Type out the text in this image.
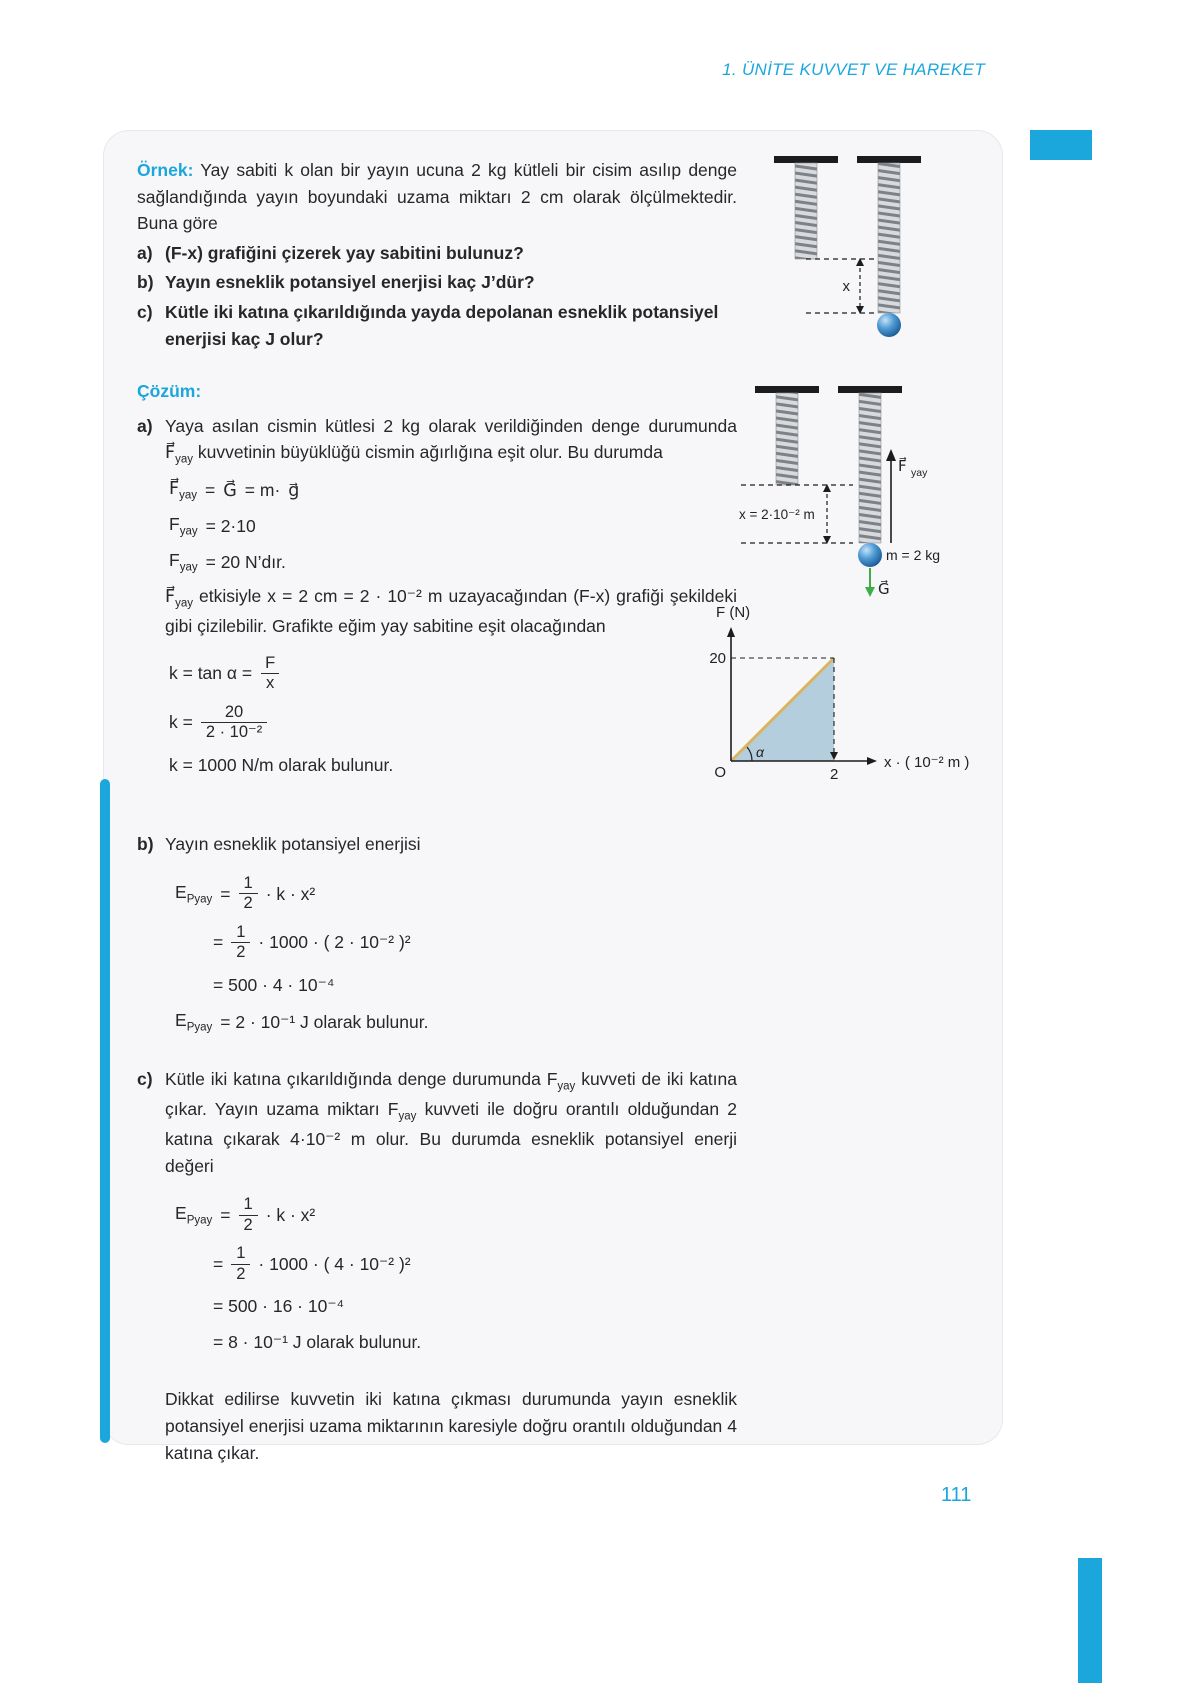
1. ÜNİTE KUVVET VE HAREKET

Örnek: Yay sabiti k olan bir yayın ucuna 2 kg kütleli bir cisim asılıp denge sağlandığında yayın boyundaki uzama miktarı 2 cm olarak ölçülmektedir. Buna göre

a) (F-x) grafiğini çizerek yay sabitini bulunuz?
b) Yayın esneklik potansiyel enerjisi kaç J’dür?
c) Kütle iki katına çıkarıldığında yayda depolanan esneklik potansiyel enerjisi kaç J olur?
Çözüm:
a) Yaya asılan cismin kütlesi 2 kg olarak verildiğinden denge durumunda $F⃗_{yay}$ kuvvetinin büyüklüğü cismin ağırlığına eşit olur. Bu durumda

$F⃗_{yay}$ = G⃗ = m· g⃗
$F_{yay} = 2\cdot 10$
$F_{yay} = 20$ N’dır.

$F⃗_{yay}$ etkisiyle x = 2 cm = 2 · 10⁻² m uzayacağından (F-x) grafiği şekildeki gibi çizilebilir. Grafikte eğim yay sabitine eşit olacağından

$k = \tan \alpha = \frac{F}{x}$
$k = \frac{20}{\text{2 · 10⁻²}}$
k = 1000 N/m olarak bulunur.
b) Yayın esneklik potansiyel enerjisi

$E_{Pyay} = \frac{1}{2} \cdot k \cdot x^2$
= $\frac{1}{2} \cdot 1000$ · ( 2 · 10⁻² )²
= 500 · 4 · 10⁻⁴
$E_{Pyay} = 2 \cdot 10^{-1}$ J olarak bulunur.
c) Kütle iki katına çıkarıldığında denge durumunda $F_{yay}$ kuvveti de iki katına çıkar. Yayın uzama miktarı $F_{yay}$ kuvveti ile doğru orantılı olduğundan 2 katına çıkarak 4·10⁻² m olur. Bu durumda esneklik potansiyel enerji değeri

$E_{Pyay} = \frac{1}{2} \cdot k \cdot x^2$
= $\frac{1}{2} \cdot 1000$ · ( 4 · 10⁻² )²
= 500 · 16 · 10⁻⁴
= 8 · 10⁻¹ J olarak bulunur.

Dikkat edilirse kuvvetin iki katına çıkması durumunda yayın esneklik potansiyel enerjisi uzama miktarının karesiyle doğru orantılı olduğundan 4 katına çıkar.

x
x = 2·10⁻² m
F⃗ yay
m = 2 kg
G⃗
F (N)
20
O
α
2
x · ( 10⁻² m )
111
